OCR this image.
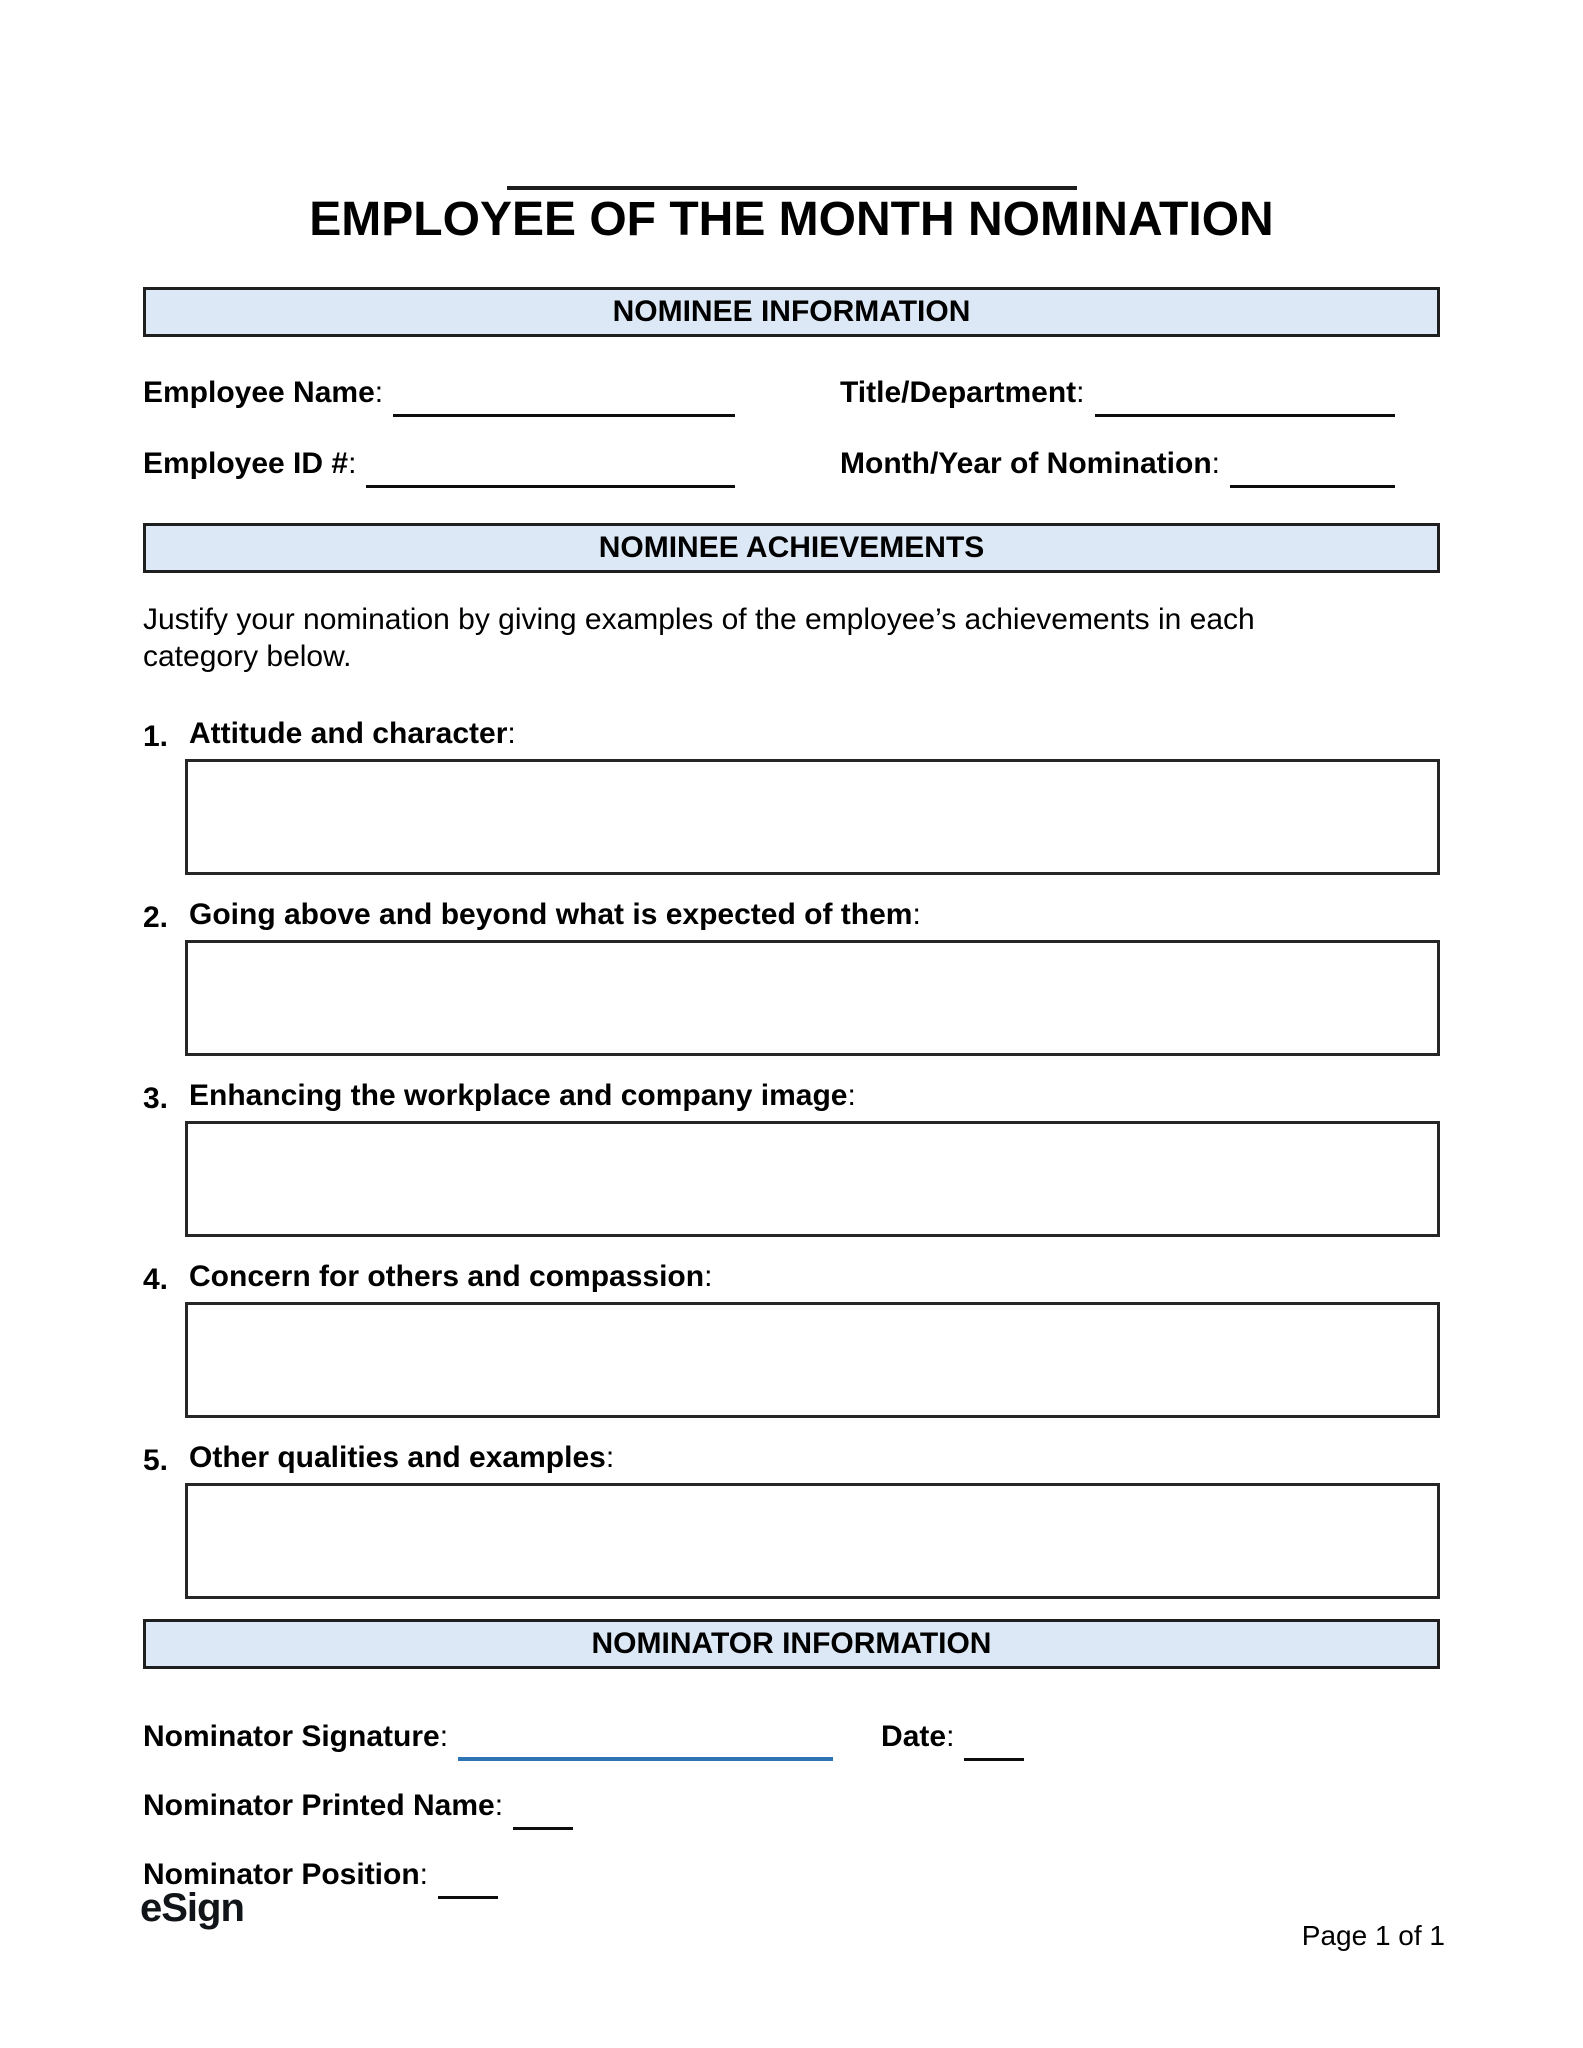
EMPLOYEE OF THE MONTH NOMINATION
NOMINEE INFORMATION
Employee Name :	Title/Department :
Employee ID # :	Month/Year of Nomination :
NOMINEE ACHIEVEMENTS
Justify your nomination by giving examples of the employee’s achievements in each
category below.
1. Attitude and character :
2. Going above and beyond what is expected of them :
3. Enhancing the workplace and company image :
4. Concern for others and compassion :
5. Other qualities and examples :
NOMINATOR INFORMATION
Nominator Signature :	Date :
Nominator Printed Name :
Nominator Position :
eSign
Page 1 of 1
